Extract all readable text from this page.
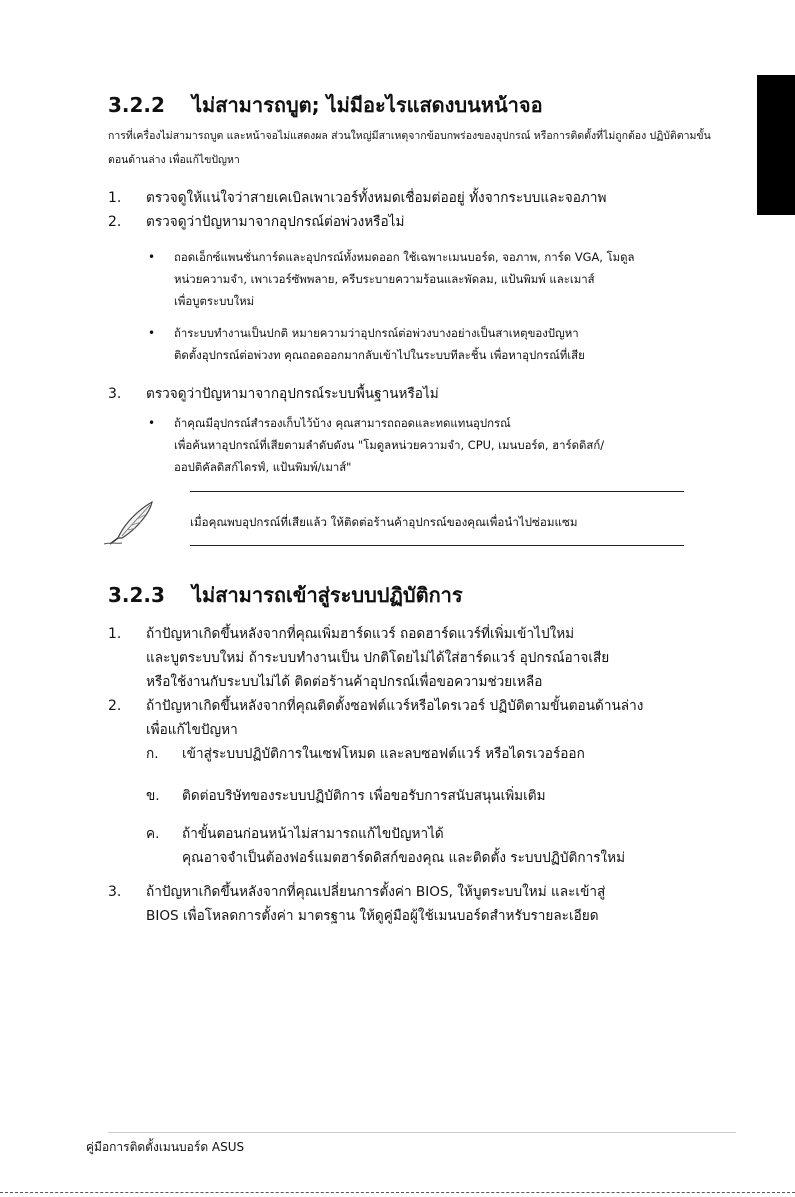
3.2.2 ไม่สามารถบูต; ไม่มีอะไรแสดงบนหน้าจอ
การที่เครื่องไม่สามารถบูต และหน้าจอไม่แสดงผล ส่วนใหญ่มีสาเหตุจากข้อบกพร่องของอุปกรณ์ หรือการติดตั้งที่ไม่ถูกต้อง ปฏิบัติตามขั้นตอนด้านล่าง เพื่อแก้ไขปัญหา
1. ตรวจดูให้แน่ใจว่าสายเคเบิลเพาเวอร์ทั้งหมดเชื่อมต่ออยู่ ทั้งจากระบบและจอภาพ
2. ตรวจดูว่าปัญหามาจากอุปกรณ์ต่อพ่วงหรือไม่
• ถอดเอ็กซ์แพนชั่นการ์ดและอุปกรณ์ทั้งหมดออก ใช้เฉพาะเมนบอร์ด, จอภาพ, การ์ด VGA, โมดูล
หน่วยความจำ, เพาเวอร์ซัพพลาย, ครีบระบายความร้อนและพัดลม, แป้นพิมพ์ และเมาส์
เพื่อบูตระบบใหม่
• ถ้าระบบทำงานเป็นปกติ หมายความว่าอุปกรณ์ต่อพ่วงบางอย่างเป็นสาเหตุของปัญหา
ติดตั้งอุปกรณ์ต่อพ่วงท คุณถอดออกมากลับเข้าไปในระบบทีละชิ้น เพื่อหาอุปกรณ์ที่เสีย
3. ตรวจดูว่าปัญหามาจากอุปกรณ์ระบบพื้นฐานหรือไม่
• ถ้าคุณมีอุปกรณ์สำรองเก็บไว้บ้าง คุณสามารถถอดและทดแทนอุปกรณ์
เพื่อค้นหาอุปกรณ์ที่เสียตามลำดับดังน "โมดูลหน่วยความจำ, CPU, เมนบอร์ด, ฮาร์ดดิสก์/
ออปติคัลดิสก์ไดรฟ์, แป้นพิมพ์/เมาส์"
เมื่อคุณพบอุปกรณ์ที่เสียแล้ว ให้ติดต่อร้านค้าอุปกรณ์ของคุณเพื่อนำไปซ่อมแซม
3.2.3 ไม่สามารถเข้าสู่ระบบปฏิบัติการ
1. ถ้าปัญหาเกิดขึ้นหลังจากที่คุณเพิ่มฮาร์ดแวร์ ถอดฮาร์ดแวร์ที่เพิ่มเข้าไปใหม่
และบูตระบบใหม่ ถ้าระบบทำงานเป็น ปกติโดยไม่ได้ใส่ฮาร์ดแวร์ อุปกรณ์อาจเสีย
หรือใช้งานกับระบบไม่ได้ ติดต่อร้านค้าอุปกรณ์เพื่อขอความช่วยเหลือ
2. ถ้าปัญหาเกิดขึ้นหลังจากที่คุณติดตั้งซอฟต์แวร์หรือไดรเวอร์ ปฏิบัติตามขั้นตอนด้านล่าง
เพื่อแก้ไขปัญหา
ก. เข้าสู่ระบบปฏิบัติการในเซฟโหมด และลบซอฟต์แวร์ หรือไดรเวอร์ออก
ข. ติดต่อบริษัทของระบบปฏิบัติการ เพื่อขอรับการสนับสนุนเพิ่มเติม
ค. ถ้าขั้นตอนก่อนหน้าไม่สามารถแก้ไขปัญหาได้
คุณอาจจำเป็นต้องฟอร์แมตฮาร์ดดิสก์ของคุณ และติดตั้ง ระบบปฏิบัติการใหม่
3. ถ้าปัญหาเกิดขึ้นหลังจากที่คุณเปลี่ยนการตั้งค่า BIOS, ให้บูตระบบใหม่ และเข้าสู่
BIOS เพื่อโหลดการตั้งค่า มาตรฐาน ให้ดูคู่มือผู้ใช้เมนบอร์ดสำหรับรายละเอียด
คู่มือการติดตั้งเมนบอร์ด ASUS
